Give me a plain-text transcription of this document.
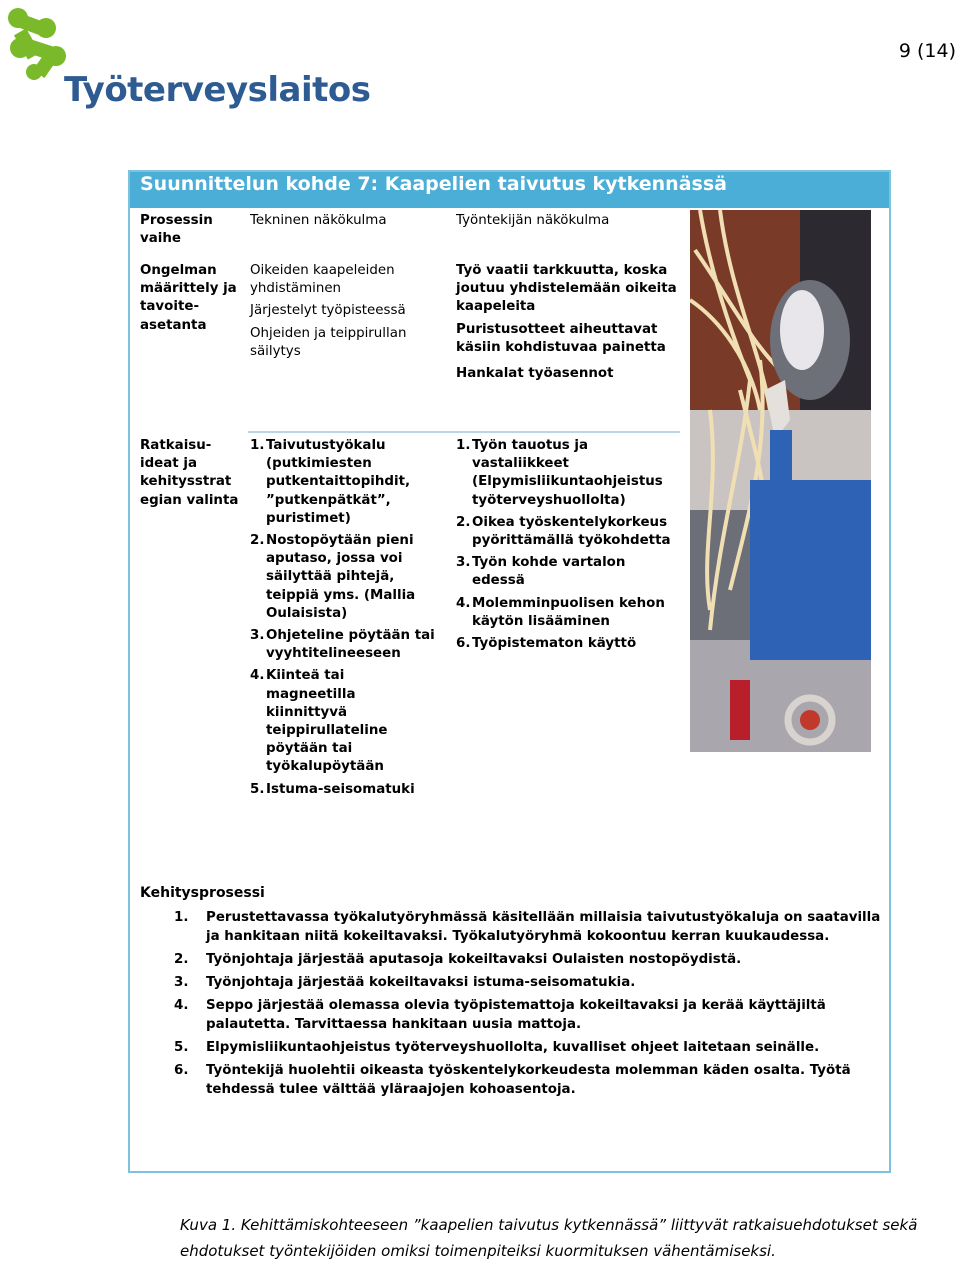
9 (14)
Työterveyslaitos
Suunnittelun kohde 7: Kaapelien taivutus kytkennässä
Prosessin vaihe
Tekninen näkökulma	Työntekijän näkökulma
Ongelman määrittely ja tavoite-asetanta

Oikeiden kaapeleiden yhdistäminen

Järjestelyt työpisteessä

Ohjeiden ja teippirullan säilytys

Työ vaatii tarkkuutta, koska joutuu yhdistelemään oikeita kaapeleita

Puristusotteet aiheuttavat käsiin kohdistuvaa painetta

Hankalat työasennot

Ratkaisu-ideat ja kehitysstrat egian valinta
1. Taivutustyökalu (putkimiesten putkentaittopihdit, ”putkenpätkät”, puristimet)
2. Nostopöytään pieni aputaso, jossa voi säilyttää pihtejä, teippiä yms. (Mallia Oulaisista)
3. Ohjeteline pöytään tai vyyhtitelineeseen
4. Kiinteä tai magneetilla kiinnittyvä teippirullateline pöytään tai työkalupöytään
5. Istuma-seisomatuki
1. Työn tauotus ja vastaliikkeet (Elpymisliikuntaohjeistus työterveyshuollolta)
2. Oikea työskentelykorkeus pyörittämällä työkohdetta
3. Työn kohde vartalon edessä
4. Molemminpuolisen kehon käytön lisääminen
6. Työpistematon käyttö
Kehitysprosessi
1. Perustettavassa työkalutyöryhmässä käsitellään millaisia taivutustyökaluja on saatavilla ja hankitaan niitä kokeiltavaksi. Työkalutyöryhmä kokoontuu kerran kuukaudessa.
2. Työnjohtaja järjestää aputasoja kokeiltavaksi Oulaisten nostopöydistä.
3. Työnjohtaja järjestää kokeiltavaksi istuma-seisomatukia.
4. Seppo järjestää olemassa olevia työpistemattoja kokeiltavaksi ja kerää käyttäjiltä palautetta. Tarvittaessa hankitaan uusia mattoja.
5. Elpymisliikuntaohjeistus työterveyshuollolta, kuvalliset ohjeet laitetaan seinälle.
6. Työntekijä huolehtii oikeasta työskentelykorkeudesta molemman käden osalta. Työtä tehdessä tulee välttää yläraajojen kohoasentoja.
Kuva 1. Kehittämiskohteeseen ”kaapelien taivutus kytkennässä” liittyvät ratkaisuehdotukset sekä ehdotukset työntekijöiden omiksi toimenpiteiksi kuormituksen vähentämiseksi.
